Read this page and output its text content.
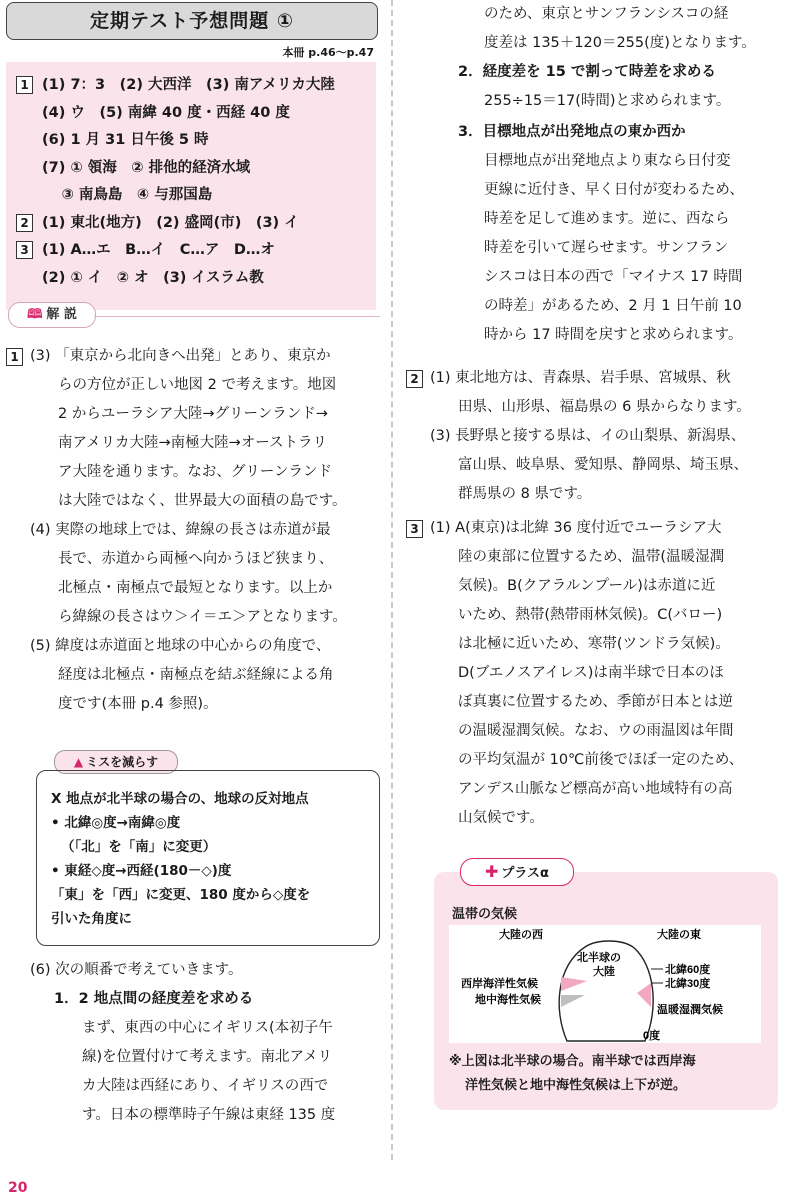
定期テスト予想問題 ①
本冊 p.46～p.47
1 (1) 7：3　(2) 大西洋　(3) 南アメリカ大陸
(4) ウ　(5) 南緯 40 度・西経 40 度
(6) 1 月 31 日午後 5 時
(7) ① 領海　② 排他的経済水域
　 ③ 南鳥島　④ 与那国島
2 (1) 東北(地方)　(2) 盛岡(市)　(3) イ
3 (1) A…エ　B…イ　C…ア　D…オ
(2) ① イ　② オ　(3) イスラム教
🕮 解 説
1 (3) 「東京から北向きへ出発」とあり、東京か
らの方位が正しい地図 2 で考えます。地図
2 からユーラシア大陸→グリーンランド→
南アメリカ大陸→南極大陸→オーストラリ
ア大陸を通ります。なお、グリーンランド
は大陸ではなく、世界最大の面積の島です。
(4) 実際の地球上では、緯線の長さは赤道が最
長で、赤道から両極へ向かうほど狭まり、
北極点・南極点で最短となります。以上か
ら緯線の長さはウ＞イ＝エ＞アとなります。
(5) 緯度は赤道面と地球の中心からの角度で、
経度は北極点・南極点を結ぶ経線による角
度です(本冊 p.4 参照)。
▲ ミスを減らす
X 地点が北半球の場合の、地球の反対地点
• 北緯◎度→南緯◎度
（「北」を「南」に変更）
• 東経◇度→西経(180－◇)度
「東」を「西」に変更、180 度から◇度を
引いた角度に
(6) 次の順番で考えていきます。
1．2 地点間の経度差を求める
まず、東西の中心にイギリス(本初子午
線)を位置付けて考えます。南北アメリ
カ大陸は西経にあり、イギリスの西で
す。日本の標準時子午線は東経 135 度
のため、東京とサンフランシスコの経
度差は 135＋120＝255(度)となります。
2．経度差を 15 で割って時差を求める
255÷15＝17(時間)と求められます。
3．目標地点が出発地点の東か西か
目標地点が出発地点より東なら日付変
更線に近付き、早く日付が変わるため、
時差を足して進めます。逆に、西なら
時差を引いて遅らせます。サンフラン
シスコは日本の西で「マイナス 17 時間
の時差」があるため、2 月 1 日午前 10
時から 17 時間を戻すと求められます。
2 (1) 東北地方は、青森県、岩手県、宮城県、秋
田県、山形県、福島県の 6 県からなります。
(3) 長野県と接する県は、イの山梨県、新潟県、
富山県、岐阜県、愛知県、静岡県、埼玉県、
群馬県の 8 県です。
3 (1) A(東京)は北緯 36 度付近でユーラシア大
陸の東部に位置するため、温帯(温暖湿潤
気候)。B(クアラルンプール)は赤道に近
いため、熱帯(熱帯雨林気候)。C(バロー)
は北極に近いため、寒帯(ツンドラ気候)。
D(ブエノスアイレス)は南半球で日本のほ
ぼ真裏に位置するため、季節が日本とは逆
の温暖湿潤気候。なお、ウの雨温図は年間
の平均気温が 10℃前後でほぼ一定のため、
アンデス山脈など標高が高い地域特有の高
山気候です。
✚ プラスα
温帯の気候
大陸の西	大陸の東
北半球の
大陸	北緯60度
北緯30度
西岸海洋性気候
地中海性気候
温暖湿潤気候
0度
※上図は北半球の場合。南半球では西岸海
洋性気候と地中海性気候は上下が逆。
20
